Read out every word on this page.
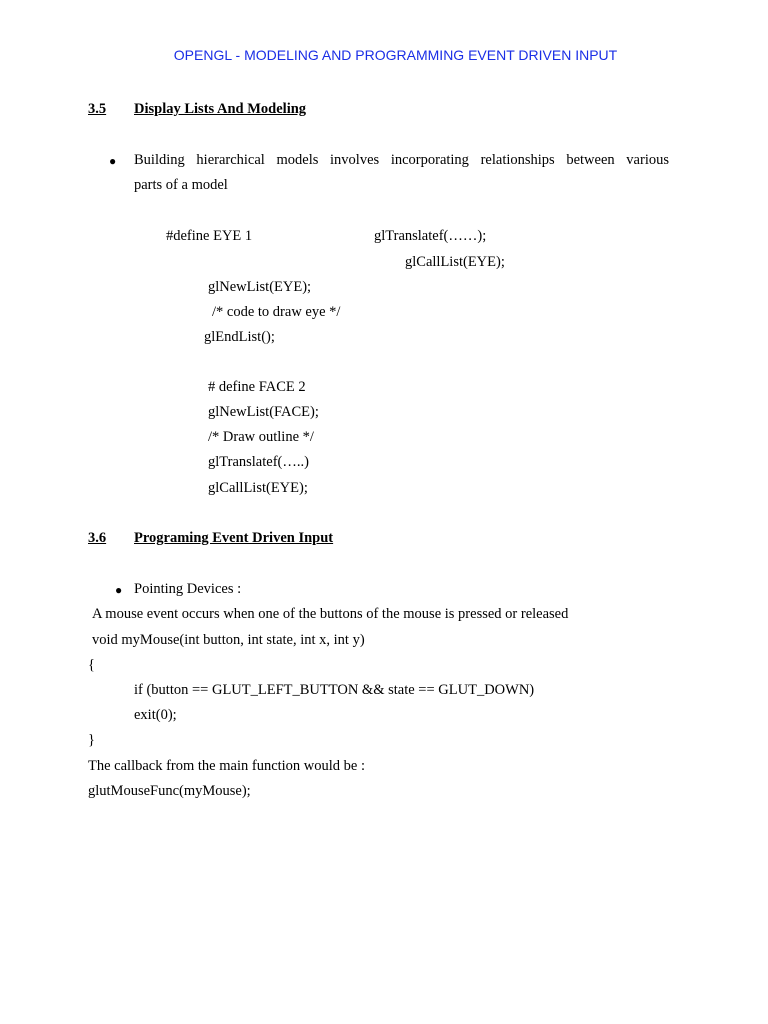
OPENGL - MODELING AND PROGRAMMING EVENT DRIVEN INPUT
3.5 Display Lists And Modeling
● Building hierarchical models involves incorporating relationships between various
parts of a model
#define EYE 1	glTranslatef(……);
glCallList(EYE);
glNewList(EYE);
/* code to draw eye */
glEndList();
# define FACE 2
glNewList(FACE);
/* Draw outline */
glTranslatef(…..)
glCallList(EYE);
3.6 Programing Event Driven Input
● Pointing Devices :
A mouse event occurs when one of the buttons of the mouse is pressed or released
void myMouse(int button, int state, int x, int y)
{
if (button == GLUT_LEFT_BUTTON && state == GLUT_DOWN)
exit(0);
}
The callback from the main function would be :
glutMouseFunc(myMouse);
